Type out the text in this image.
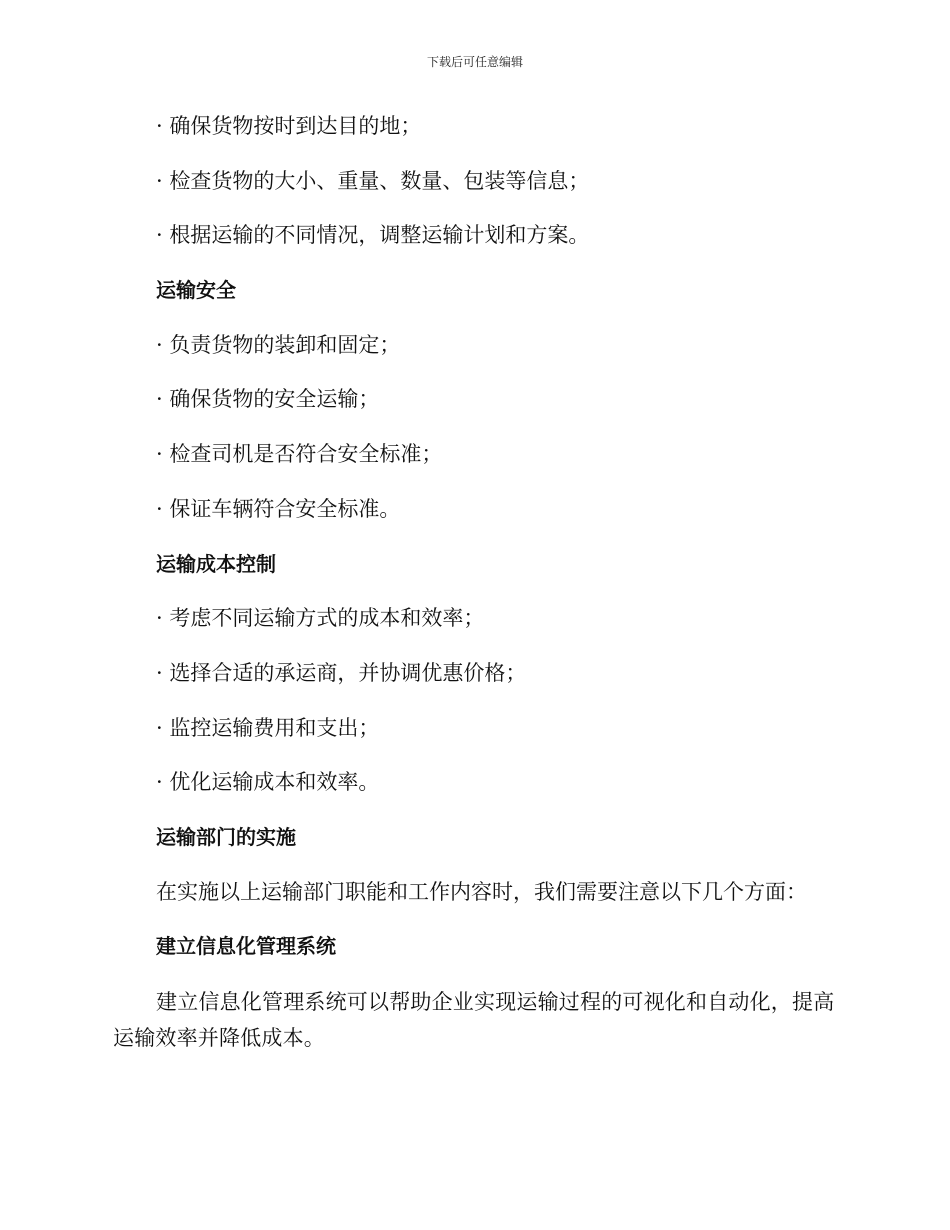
下载后可任意编辑
· 确保货物按时到达目的地；
· 检查货物的大小、重量、数量、包装等信息；
· 根据运输的不同情况，调整运输计划和方案。
运输安全
· 负责货物的装卸和固定；
· 确保货物的安全运输；
· 检查司机是否符合安全标准；
· 保证车辆符合安全标准。
运输成本控制
· 考虑不同运输方式的成本和效率；
· 选择合适的承运商，并协调优惠价格；
· 监控运输费用和支出；
· 优化运输成本和效率。
运输部门的实施
在实施以上运输部门职能和工作内容时，我们需要注意以下几个方面：
建立信息化管理系统
建立信息化管理系统可以帮助企业实现运输过程的可视化和自动化，提高运输效率并降低成本。
